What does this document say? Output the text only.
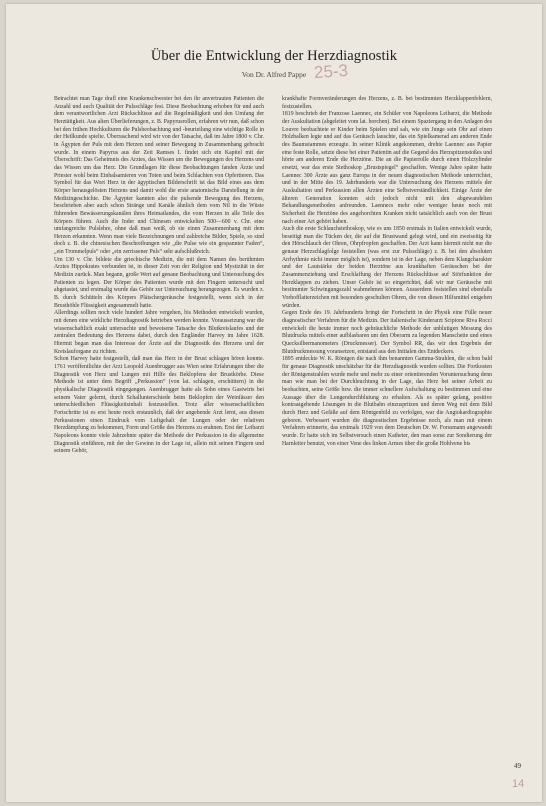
Über die Entwicklung der Herzdiagnostik
Von Dr. Alfred Pappe 25-3

Betrachtet man Tage drafl eine Krankenschwester bei den ihr anvertrauten Patienten die Anzahl und auch Qualität der Pulsschläge fest. Diese Beobachtung erhoben für und auch dem verantwortlichen Arzt Rückschlüsse auf die Regelmäßigkeit und den Umfang der Herztätigkeit. Aus alten Überlieferungen, z. B. Papyrusrollen, erfahren wir nun, daß schon bei den frühen Hochkulturen die Pulsbeobachtung und -beurteilung eine wichtige Rolle in der Heilkunde spielte. Überraschend wird wir von der Tatsache, daß im Jahre 1800 v. Chr. in Ägypten der Puls mit dem Herzen und seiner Bewegung in Zusammenhang gebracht wurde. In einem Papyrus aus der Zeit Ramses I. findet sich ein Kapitel mit der Überschrift: Das Geheimnis des Arztes, das Wissen um die Bewegungen des Herzens und das Wissen um das Herz. Die Grundlagen für diese Beobachtungen fanden Ärzte und Priester wohl beim Einbalsamieren von Toten und beim Schlachten von Opfertieren. Das Symbol für das Wort Herz in der ägyptischen Bilderschrift ist das Bild eines aus dem Körper herausgelösten Herzens und damit wohl die erste anatomische Darstellung in der Medizingeschichte. Die Ägypter kannten also die pulsende Bewegung des Herzens, beschrieben aber auch schon Stränge und Kanäle ähnlich dem vom Nil in die Wüste führenden Bewässerungskanälen ihres Heimatlandes, die vom Herzen in alle Teile des Körpers führen. Auch die Inder und Chinesen entwickelten 500—600 v. Chr. eine umfangreiche Pulslehre, ohne daß man weiß, ob sie einen Zusammenhang mit dem Herzen erkannten. Wenn man viele Bezeichnungen und zahlreiche Bilder, Spiele, so sind doch z. B. die chinesischen Beschreibungen wie „die Pulse wie ein gespannter Faden“, „ein Trommelpuls“ oder „ein zerrissener Puls“ sehr aufschlußreich.

Um 130 v. Chr. bildete die griechische Medizin, die mit dem Namen des berühmten Arztes Hippokrates verbunden ist, in dieser Zeit von der Religion und Mystizität in der Medizin zurück. Man begann, große Wert auf genaue Beobachtung und Untersuchung des Patienten zu legen. Der Körper des Patienten wurde mit den Fingern untersucht und abgetastet, und erstmalig wurde das Gehör zur Untersuchung herangezogen. Es wurden z. B. durch Schütteln des Körpers Plätschergeräusche festgestellt, wenn sich in der Brusthöhle Flüssigkeit angesammelt hatte.

Allerdings sollten noch viele hundert Jahre vergehen, bis Methoden entwickelt wurden, mit denen eine wirkliche Herzdiagnostik betrieben werden konnte. Voraussetzung war die wissenschaftlich exakt untersuchte und beweisene Tatsache des Blutkreislaufes und der zentralen Bedeutung des Herzens dabei, durch den Engländer Harvey im Jahre 1628. Hiermit began man das Interesse der Ärzte auf die Diagnostik des Herzens und der Kreislauforgane zu richten.

Schon Harvey hatte festgestellt, daß man das Herz in der Brust schlagen hören konnte. 1761 veröffentlichte der Arzt Leopold Auenbrugger aus Wien seine Erfahrungen über die Diagnostik von Herz und Lungen mit Hilfe des Beklopfens der Brustkörbe. Diese Methode ist unter dem Begriff „Perkussion“ (von lat. schlagen, erschüttern) in die physikalische Diagnostik eingegangen. Auenbrugger hatte als Sohn eines Gastwirts bei seinem Vater gelernt, durch Schallunterschiede beim Beklopfen der Weinfässer den unterschiedlichen Flüssigkeitsinhalt festzustellen. Trotz aller wissenschaftlichen Fortschritte ist es erst heute noch erstaunlich, daß der angehende Arzt lernt, aus diesen Perkussionen einen Eindruck vom Luftgehalt der Lungen oder der relativen Herzdämpfung zu bekommen, Form und Größe des Herzens zu erahnen. Erst der Leibarzt Napoleons konnte viele Jahrzehnte später die Methode der Perkussion in die allgemeine Diagnostik einführen, mit der der Gewinn in der Lage ist, allein mit seinen Fingern und seinem Gehör,

krankhafte Formveränderungen des Herzens, z. B. bei bestimmten Herzklappenfehlern, festzustellen.

1819 beschrieb der Franzose Laennec, ein Schüler von Napoleons Leibarzt, die Methode der Auskultation (abgeleitet vom lat. horchen). Bei einem Spaziergang in den Anlagen des Louvre beobachtete er Kinder beim Spielen und sah, wie ein Junge sein Ohr auf einen Holzbalken legte und auf das Geräusch lauschte, das ein Spielkamerad am anderen Ende des Baumstammes erzeugte. In seiner Klinik angekommen, drehte Laennec aus Papier eine feste Rolle, setzte diese bei einer Patientin auf die Gegend des Herzspitzenstoßes und hörte am anderen Ende die Herztöne. Die an die Papierrolle durch einen Holzzylinder ersetzt, war das erste Stethoskop „Brustspiegel“ geschaffen. Wenige Jahre später hatte Laennec 300 Ärzte aus ganz Europa in der neuen diagnostischen Methode unterrichtet, und in der Mitte des 19. Jahrhunderts war die Untersuchung des Herzens mittels der Auskultation und Perkussion allen Ärzten eine Selbstverständlichkeit. Einige Ärzte der älteren Generation konnten sich jedoch nicht mit den abgewandelten Behandlungsmethoden anfreunden. Laennecs mehr oder weniger heute noch mit Sicherheit die Herztöne des angehorchten Kranken nicht tatsächlich auch von der Brust nach einer Art gehört haben.

Auch die erste Schlauchstethoskop, wie es uns 1850 erstmals in Italien entwickelt wurde, beseitigt man die Tücken der, die auf die Brustwand gelegt wird, und ein zweiseitig für den Hörschlauch der Ohren, Ohrpfropfen geschaffen. Der Arzt kann hiermit nicht nur die genaue Herzschlagfolge feststellen (was erst zur Pulsschläge) z. B. bei den absoluten Arrhythmie nicht immer möglich ist), sondern ist in der Lage, neben dem Klangcharakter und der Lautstärke der beiden Herztöne aus krankhaften Geräuschen bei der Zusammenziehung und Erschlaffung der Herzens Rückschlüsse auf Störfunktion der Herzklappen zu ziehen. Unser Gehör ist so eingerichtet, daß wir nur Geräusche mit bestimmter Schwingungszahl wahrnehmen können. Ausserdem feststellen sind ebenfalls Vorhofflatterzeichen mit besonders geschulten Ohren, die von diesen Hilfsmittel entgehen würden.

Gegen Ende des 19. Jahrhunderts bringt der Fortschritt in der Physik eine Fülle neuer diagnostischer Verfahren für die Medizin. Der italienische Kinderarzt Scipione Riva Rocci entwickelt die heute immer noch gebräuchliche Methode der unblutigen Messung des Blutdrucks mittels einer aufblasbaren um den Oberarm zu legenden Manschette und eines Quecksilbermanometers (Druckmesser). Der Symbol RR, das wir den Ergebnis der Blutdruckmessung voransetzen, entstand aus den Initialen des Entdeckers.

1895 entdeckte W. K. Röntgen die nach ihm benannten Gamma-Strahlen, die schon bald für genaue Diagnostik unschätzbar für die Herzdiagnostik wurden sollten. Die Fortkosten der Röntgenstrahlen wurde mehr und mehr zu einer orientierenden Voruntersuchung denn man wie man bei der Durchleuchtung in der Lage, das Herz bei seiner Arbeit zu beobachten, seine Größe bzw. die immer schnellere Aufschaltung zu bestimmen und eine Aussage über die Lungendurchblutung zu erhalten. Als es später gelang, positive kontrastgebende Lösungen in die Blutbahn einzuspritzen und deren Weg mit dem Bild durch Herz und Gefäße auf dem Röntgenbild zu verfolgen, war die Angiokardiographie geboren. Verbessert wurden die diagnostischen Ergebnisse noch, als man mit einem Verfahren erinnerte, das erstmals 1929 von dem Deutschen Dr. W. Forssmann angewandt wurde. Er hatte sich im Selbstversuch einen Katheter, den man sonst zur Sondierung der Harnleiter benutzt, von einer Vene des linken Armes über die große Hohlvene bis

49
14
